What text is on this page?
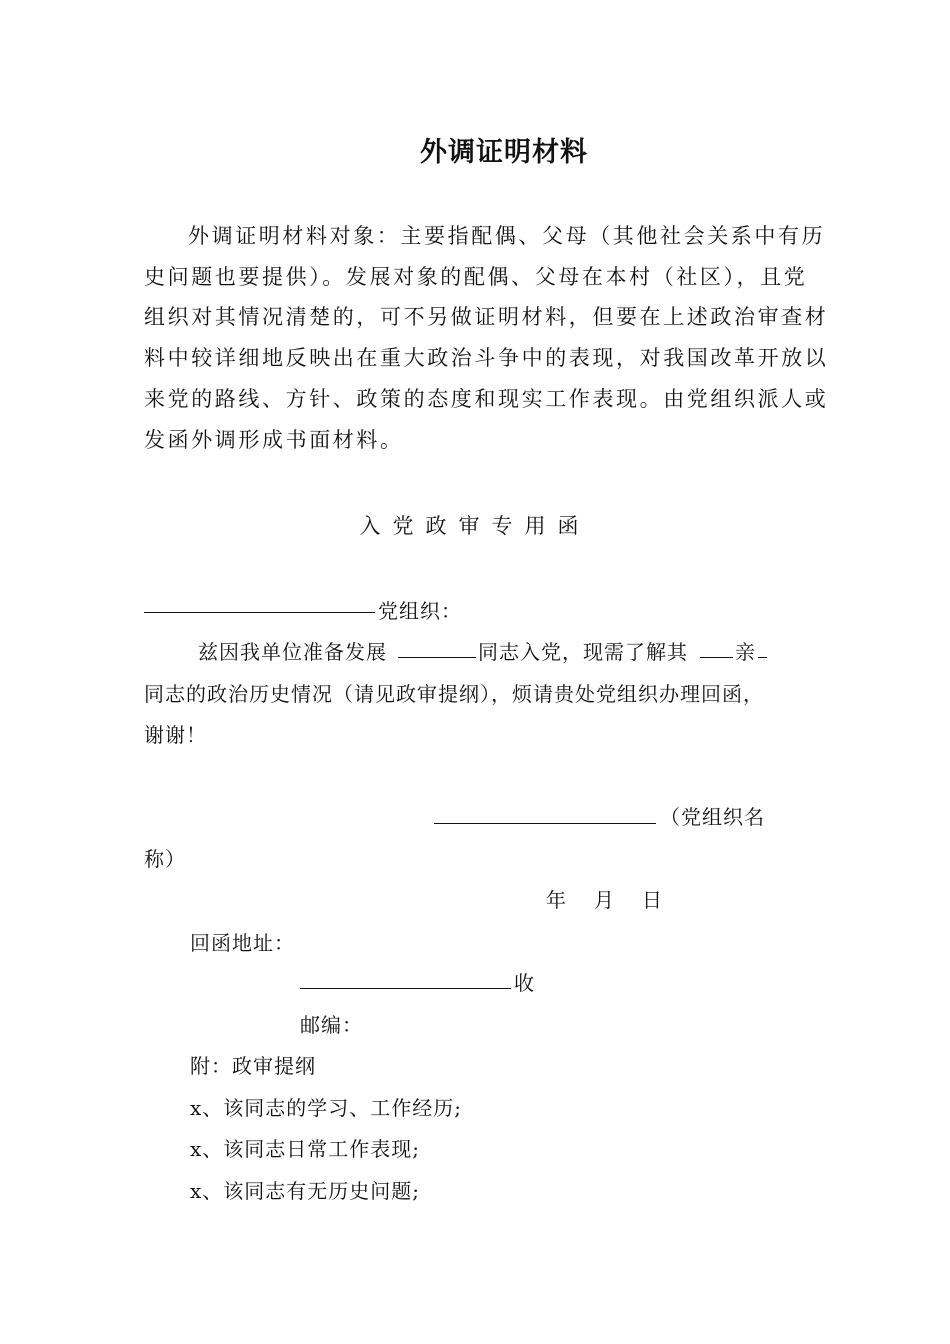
外调证明材料
外调证明材料对象：主要指配偶、父母（其他社会关系中有历
史问题也要提供）。发展对象的配偶、父母在本村（社区），且党
组织对其情况清楚的，可不另做证明材料，但要在上述政治审查材
料中较详细地反映出在重大政治斗争中的表现，对我国改革开放以
来党的路线、方针、政策的态度和现实工作表现。由党组织派人或
发函外调形成书面材料。
入党政审专用函
党组织：
兹因我单位准备发展	同志入党，现需了解其 亲
同志的政治历史情况（请见政审提纲），烦请贵处党组织办理回函，
谢谢！
（党组织名
称）
年　月　日
回函地址：
收
邮编：
附：政审提纲
x、该同志的学习、工作经历;
x、该同志日常工作表现;
x、该同志有无历史问题;
